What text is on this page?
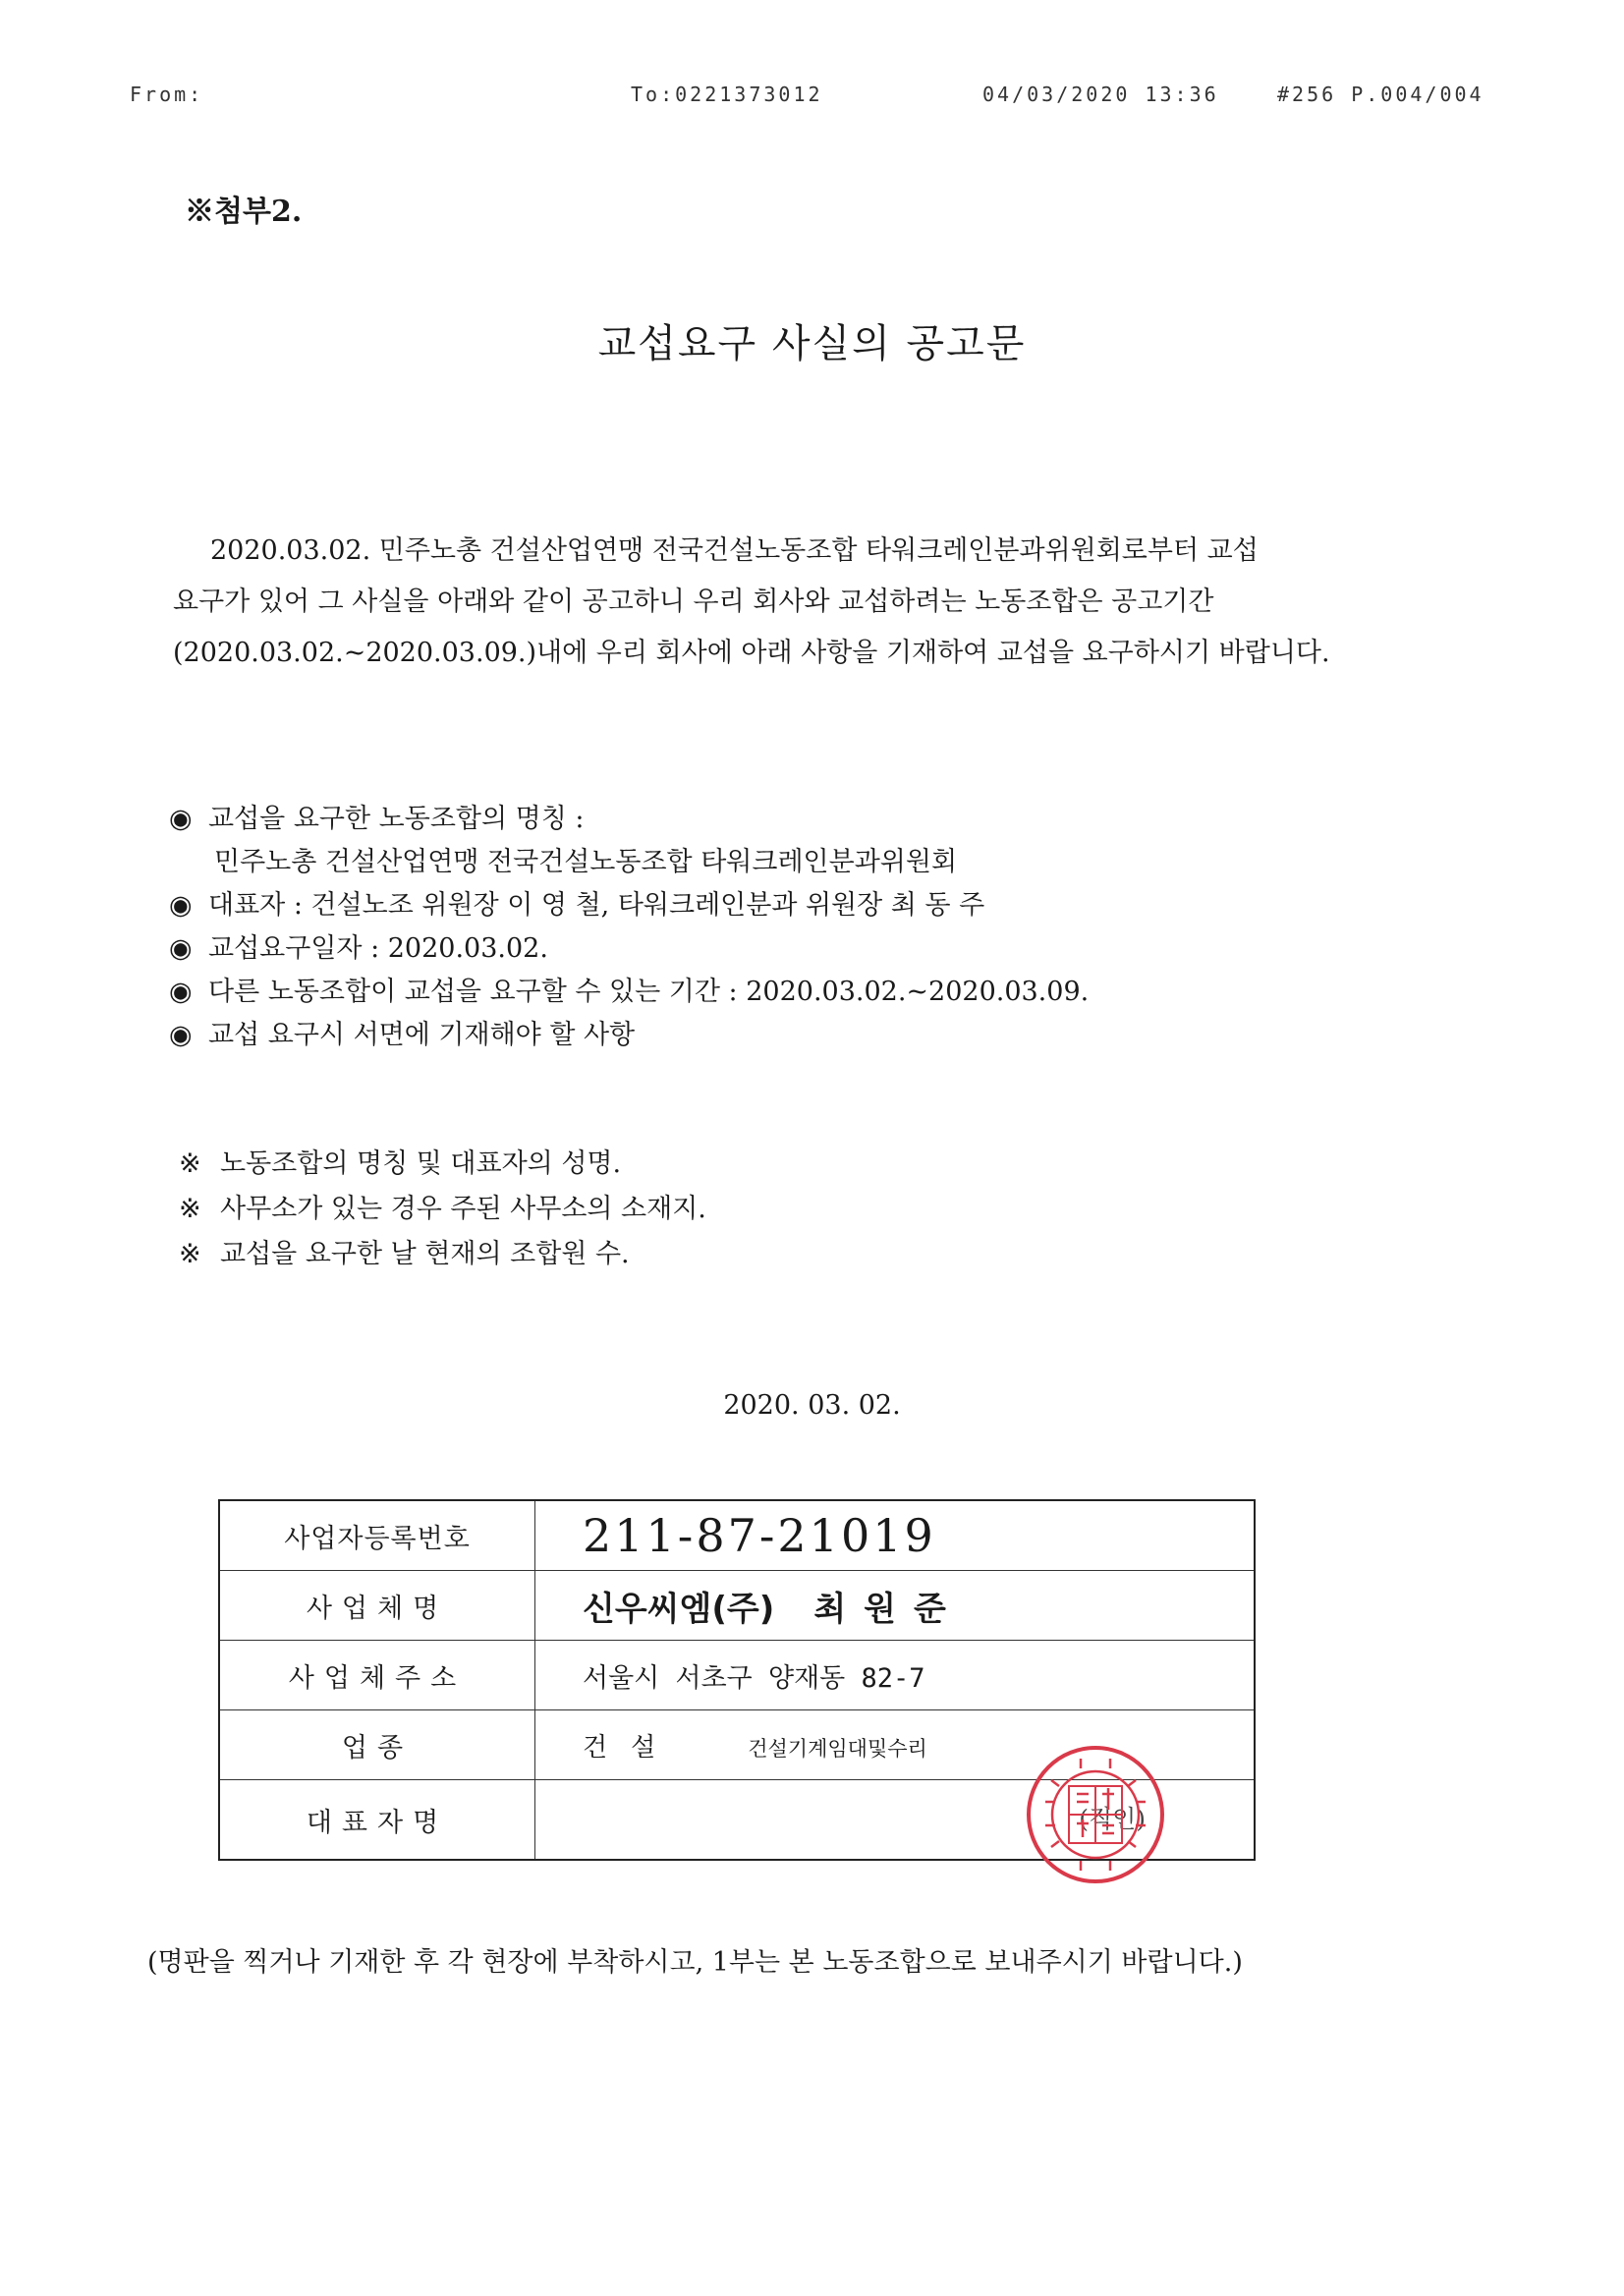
From:	To:0221373012	04/03/2020 13:36	#256 P.004/004
※첨부2.
교섭요구 사실의 공고문
2020.03.02. 민주노총 건설산업연맹 전국건설노동조합 타워크레인분과위원회로부터 교섭
요구가 있어 그 사실을 아래와 같이 공고하니 우리 회사와 교섭하려는 노동조합은 공고기간
(2020.03.02.~2020.03.09.)내에 우리 회사에 아래 사항을 기재하여 교섭을 요구하시기 바랍니다.
◉ 교섭을 요구한 노동조합의 명칭 :
민주노총 건설산업연맹 전국건설노동조합 타워크레인분과위원회
◉ 대표자 : 건설노조 위원장 이 영 철, 타워크레인분과 위원장 최 동 주
◉ 교섭요구일자 : 2020.03.02.
◉ 다른 노동조합이 교섭을 요구할 수 있는 기간 : 2020.03.02.~2020.03.09.
◉ 교섭 요구시 서면에 기재해야 할 사항
※ 노동조합의 명칭 및 대표자의 성명.
※ 사무소가 있는 경우 주된 사무소의 소재지.
※ 교섭을 요구한 날 현재의 조합원 수.
2020. 03. 02.
사업자등록번호	211-87-21019
사업체명	신우씨엠(주) 최원준
사업체주소	서울시 서초구 양재동 82-7
업종	건설 건설기계임대및수리
대표자명	(직인)
(명판을 찍거나 기재한 후 각 현장에 부착하시고, 1부는 본 노동조합으로 보내주시기 바랍니다.)
